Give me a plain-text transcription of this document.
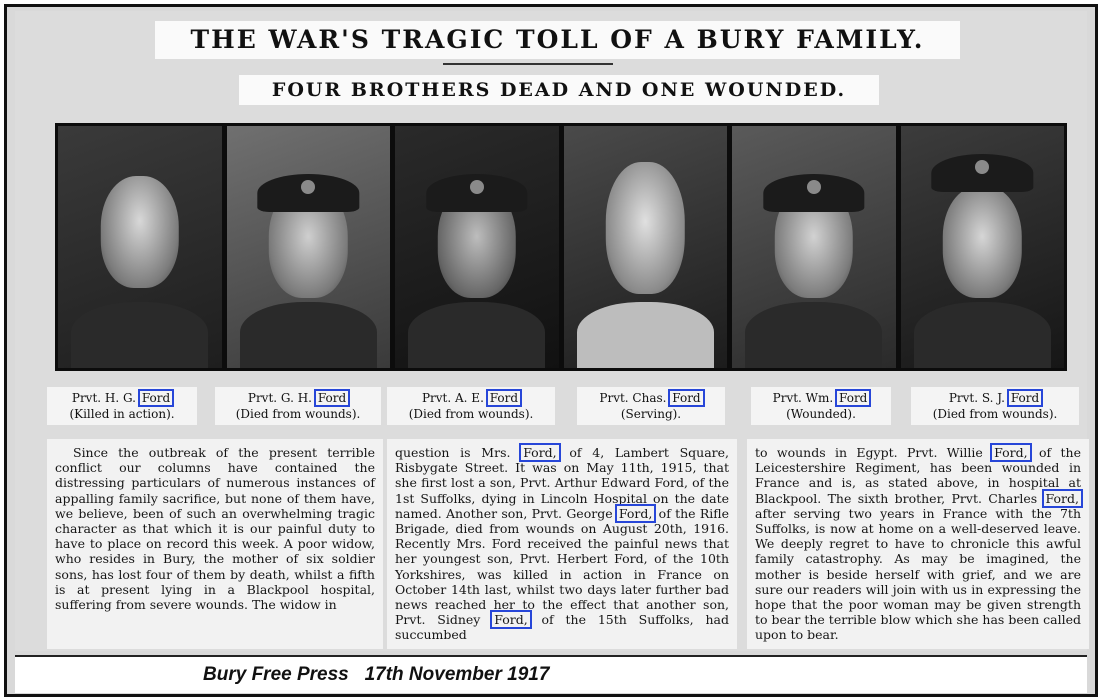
THE WAR'S TRAGIC TOLL OF A BURY FAMILY.
FOUR BROTHERS DEAD AND ONE WOUNDED.
Prvt. H. G. Ford
(Killed in action).
Prvt. G. H. Ford
(Died from wounds).
Prvt. A. E. Ford
(Died from wounds).
Prvt. Chas. Ford
(Serving).
Prvt. Wm. Ford
(Wounded).
Prvt. S. J. Ford
(Died from wounds).

Since the outbreak of the present terrible conflict our columns have contained the distressing particulars of numerous instances of appalling family sacrifice, but none of them have, we believe, been of such an overwhelming tragic character as that which it is our painful duty to have to place on record this week. A poor widow, who resides in Bury, the mother of six soldier sons, has lost four of them by death, whilst a fifth is at present lying in a Blackpool hospital, suffering from severe wounds. The widow in

question is Mrs. Ford, of 4, Lambert Square, Risbygate Street. It was on May 11th, 1915, that she first lost a son, Prvt. Arthur Edward Ford, of the 1st Suffolks, dying in Lincoln Hospital on the date named. Another son, Prvt. George Ford, of the Rifle Brigade, died from wounds on August 20th, 1916. Recently Mrs. Ford received the painful news that her youngest son, Prvt. Herbert Ford, of the 10th Yorkshires, was killed in action in France on October 14th last, whilst two days later further bad news reached her to the effect that another son, Prvt. Sidney Ford, of the 15th Suffolks, had succumbed

to wounds in Egypt. Prvt. Willie Ford, of the Leicestershire Regiment, has been wounded in France and is, as stated above, in hospital at Blackpool. The sixth brother, Prvt. Charles Ford, after serving two years in France with the 7th Suffolks, is now at home on a well-deserved leave. We deeply regret to have to chronicle this awful family catastrophy. As may be imagined, the mother is beside herself with grief, and we are sure our readers will join with us in expressing the hope that the poor woman may be given strength to bear the terrible blow which she has been called upon to bear.

Bury Free Press   17th November 1917
